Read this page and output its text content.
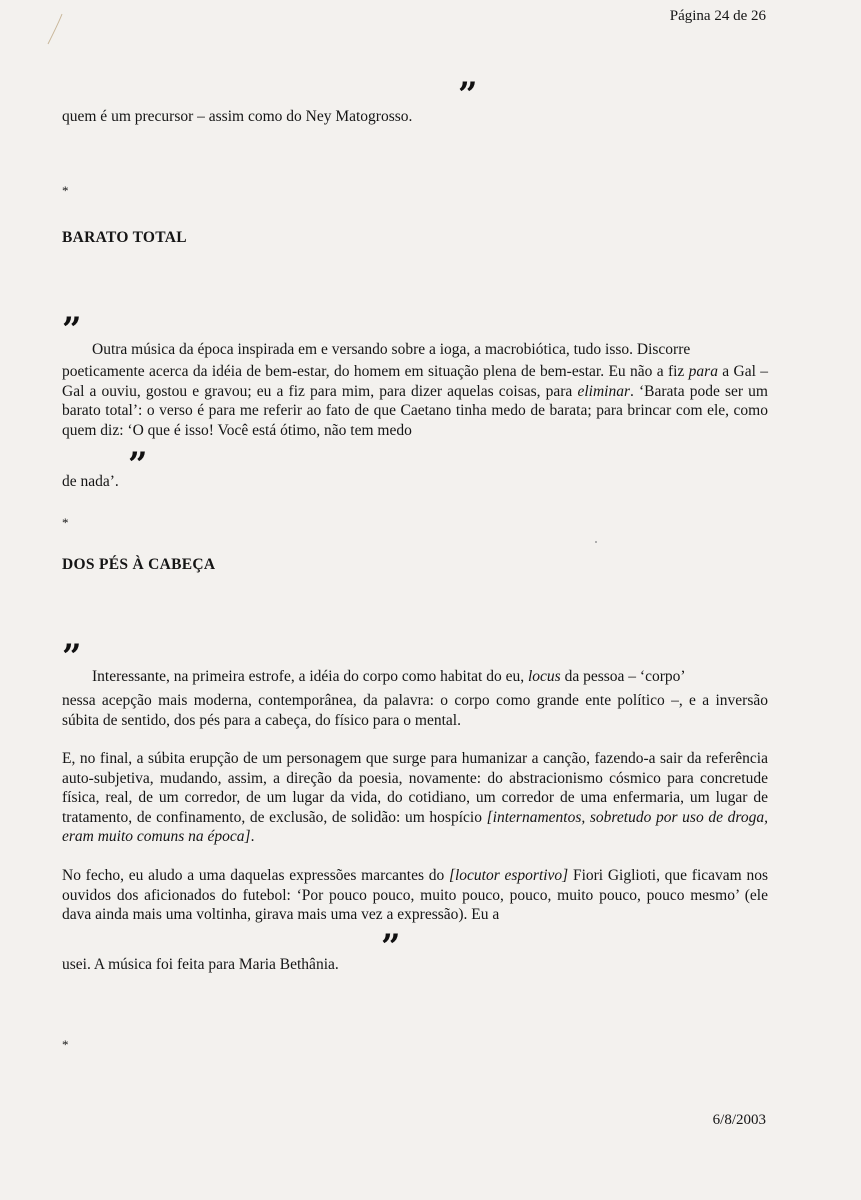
Página 24 de 26
”
quem é um precursor – assim como do Ney Matogrosso.
*
BARATO TOTAL
” Outra música da época inspirada em e versando sobre a ioga, a macrobiótica, tudo isso. Discorre
poeticamente acerca da idéia de bem-estar, do homem em situação plena de bem-estar. Eu não a fiz para a Gal – Gal a ouviu, gostou e gravou; eu a fiz para mim, para dizer aquelas coisas, para eliminar. ‘Barata pode ser um barato total’: o verso é para me referir ao fato de que Caetano tinha medo de barata; para brincar com ele, como quem diz: ‘O que é isso! Você está ótimo, não tem medo
”
de nada’.
*
DOS PÉS À CABEÇA
” Interessante, na primeira estrofe, a idéia do corpo como habitat do eu, locus da pessoa – ‘corpo’
nessa acepção mais moderna, contemporânea, da palavra: o corpo como grande ente político –, e a inversão súbita de sentido, dos pés para a cabeça, do físico para o mental.
E, no final, a súbita erupção de um personagem que surge para humanizar a canção, fazendo-a sair da referência auto-subjetiva, mudando, assim, a direção da poesia, novamente: do abstracionismo cósmico para concretude física, real, de um corredor, de um lugar da vida, do cotidiano, um corredor de uma enfermaria, um lugar de tratamento, de confinamento, de exclusão, de solidão: um hospício [internamentos, sobretudo por uso de droga, eram muito comuns na época].
No fecho, eu aludo a uma daquelas expressões marcantes do [locutor esportivo] Fiori Giglioti, que ficavam nos ouvidos dos aficionados do futebol: ‘Por pouco pouco, muito pouco, pouco, muito pouco, pouco mesmo’ (ele dava ainda mais uma voltinha, girava mais uma vez a expressão). Eu a
”
usei. A música foi feita para Maria Bethânia.
*
6/8/2003
